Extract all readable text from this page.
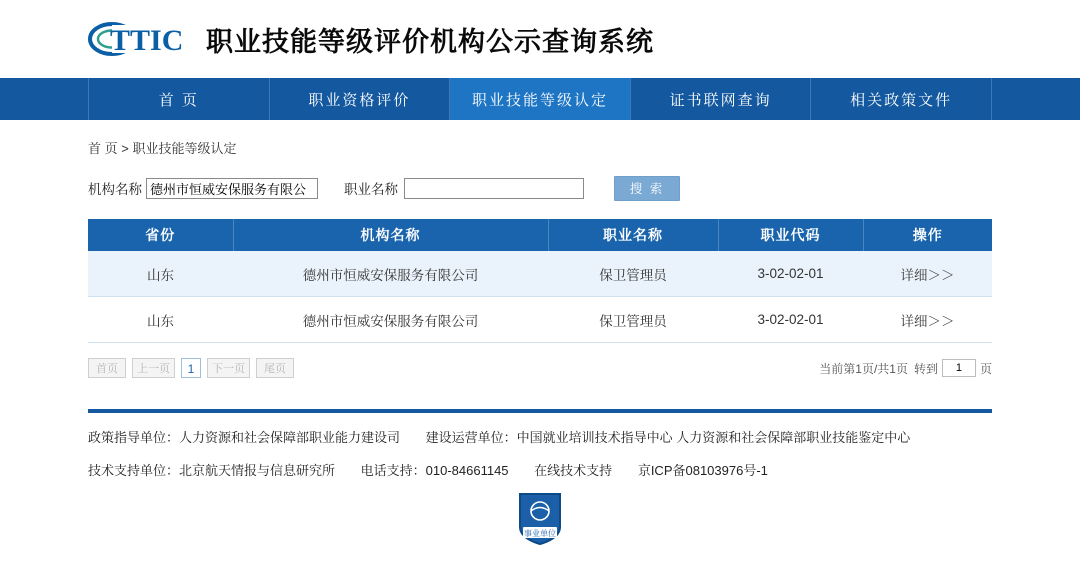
TTIC 职业技能等级评价机构公示查询系统
首 页	职业资格评价	职业技能等级认定	证书联网查询	相关政策文件
首 页 > 职业技能等级认定
机构名称
德州市恒威安保服务有限公	职业名称	搜 索
省份	机构名称	职业名称	职业代码	操作
山东	德州市恒威安保服务有限公司	保卫管理员	3-02-02-01	详细＞＞
山东	德州市恒威安保服务有限公司	保卫管理员	3-02-02-01	详细＞＞
首页	上一页	1	下一页	尾页	当前第1页/共1页 转到
1	页
政策指导单位：人力资源和社会保障部职业能力建设司 建设运营单位：中国就业培训技术指导中心 人力资源和社会保障部职业技能鉴定中心
技术支持单位：北京航天情报与信息研究所 电话支持：010-84661145 在线技术支持 京ICP备08103976号-1
事业单位
